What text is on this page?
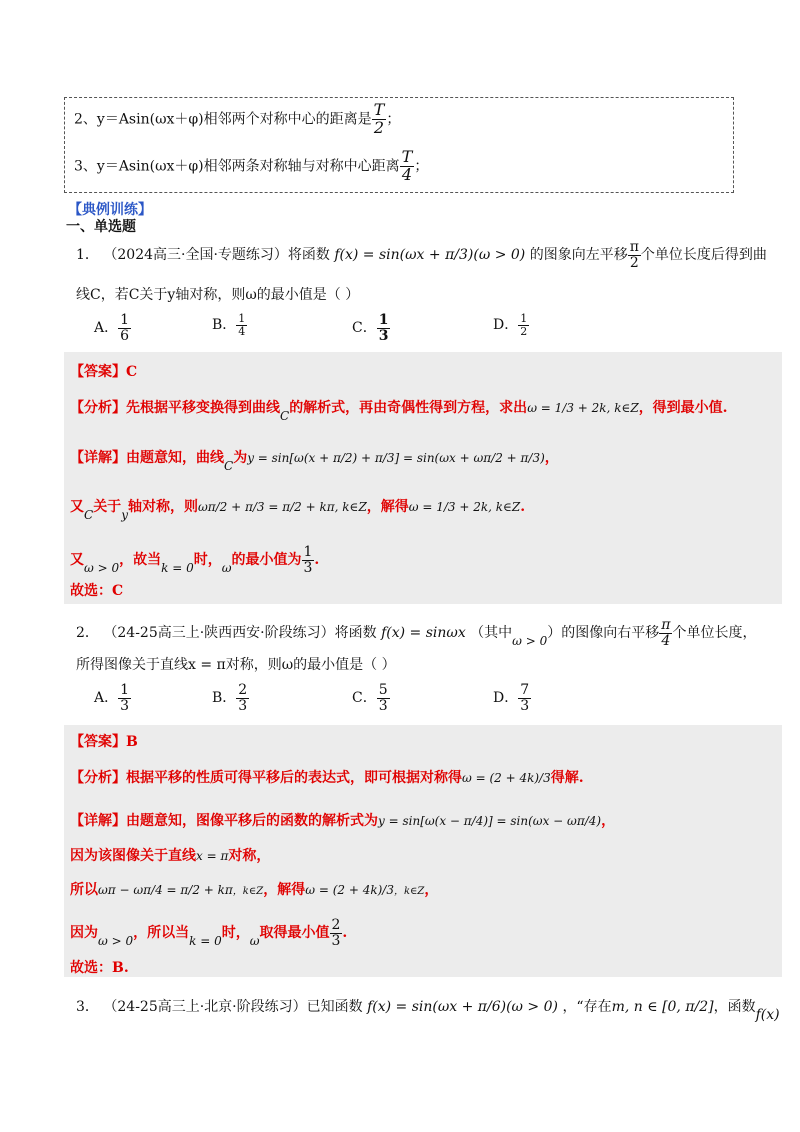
2、y＝Asin(ωx＋φ)相邻两个对称中心的距离是 $\frac{T}{2}$ ；
3、y＝Asin(ωx＋φ)相邻两条对称轴与对称中心距离 $\frac{T}{4}$ ；
【典例训练】
一、单选题
1． （2024高三·全国·专题练习）将函数 f(x) = sin(ωx + π/3)(ω > 0) 的图象向左平移 $\frac{\pi}{2}$ 个单位长度后得到曲
线C，若C关于y轴对称，则ω的最小值是（ ）
A． $\frac{1}{6}$	B． $\frac{1}{4}$	C． $\frac{1}{3}$	D． $\frac{1}{2}$
【答案】C
【分析】先根据平移变换得到曲线C的解析式，再由奇偶性得到方程，求出ω = 1/3 + 2k, k∈Z，得到最小值.
【详解】由题意知，曲线C为y = sin[ω(x + π/2) + π/3] = sin(ωx + ωπ/2 + π/3)，
又C关于y轴对称，则ωπ/2 + π/3 = π/2 + kπ, k∈Z，解得ω = 1/3 + 2k, k∈Z.
又ω > 0，故当k = 0时，ω的最小值为 $\frac{1}{3}$ .
故选：C
2． （24-25高三上·陕西西安·阶段练习）将函数 f(x) = sinωx （其中ω > 0）的图像向右平移 $\frac{\pi}{4}$ 个单位长度，
所得图像关于直线x = π对称，则ω的最小值是（ ）
A． $\frac{1}{3}$	B． $\frac{2}{3}$	C． $\frac{5}{3}$	D． $\frac{7}{3}$
【答案】B
【分析】根据平移的性质可得平移后的表达式，即可根据对称得ω = (2 + 4k)/3得解.
【详解】由题意知，图像平移后的函数的解析式为y = sin[ω(x − π/4)] = sin(ωx − ωπ/4)，
因为该图像关于直线x = π对称，
所以ωπ − ωπ/4 = π/2 + kπ，k∈Z，解得ω = (2 + 4k)/3，k∈Z，
因为ω > 0，所以当k = 0时，ω取得最小值 $\frac{2}{3}$ .
故选：B.
3． （24-25高三上·北京·阶段练习）已知函数 f(x) = sin(ωx + π/6)(ω > 0) ，“存在m, n ∈ [0, π/2]，函数f(x)
